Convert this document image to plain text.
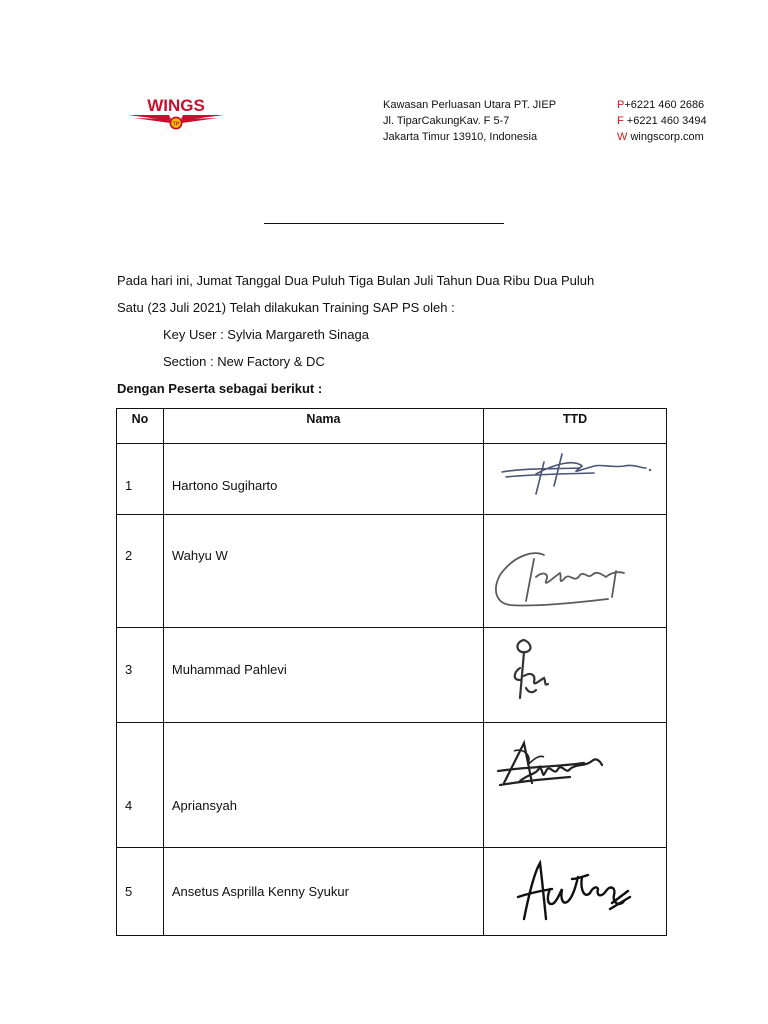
WINGS
TP
Kawasan Perluasan Utara PT. JIEP
Jl. TiparCakungKav. F 5-7
Jakarta Timur 13910, Indonesia
P+6221 460 2686
F +6221 460 3494
W wingscorp.com
Pada hari ini, Jumat Tanggal Dua Puluh Tiga Bulan Juli Tahun Dua Ribu Dua Puluh
Satu (23 Juli 2021) Telah dilakukan Training SAP PS oleh :
Key User : Sylvia Margareth Sinaga
Section : New Factory & DC
Dengan Peserta sebagai berikut :
No	Nama	TTD
1	Hartono Sugiharto	

2	Wahyu W	

3	Muhammad Pahlevi	

4	Apriansyah	

5	Ansetus Asprilla Kenny Syukur	
